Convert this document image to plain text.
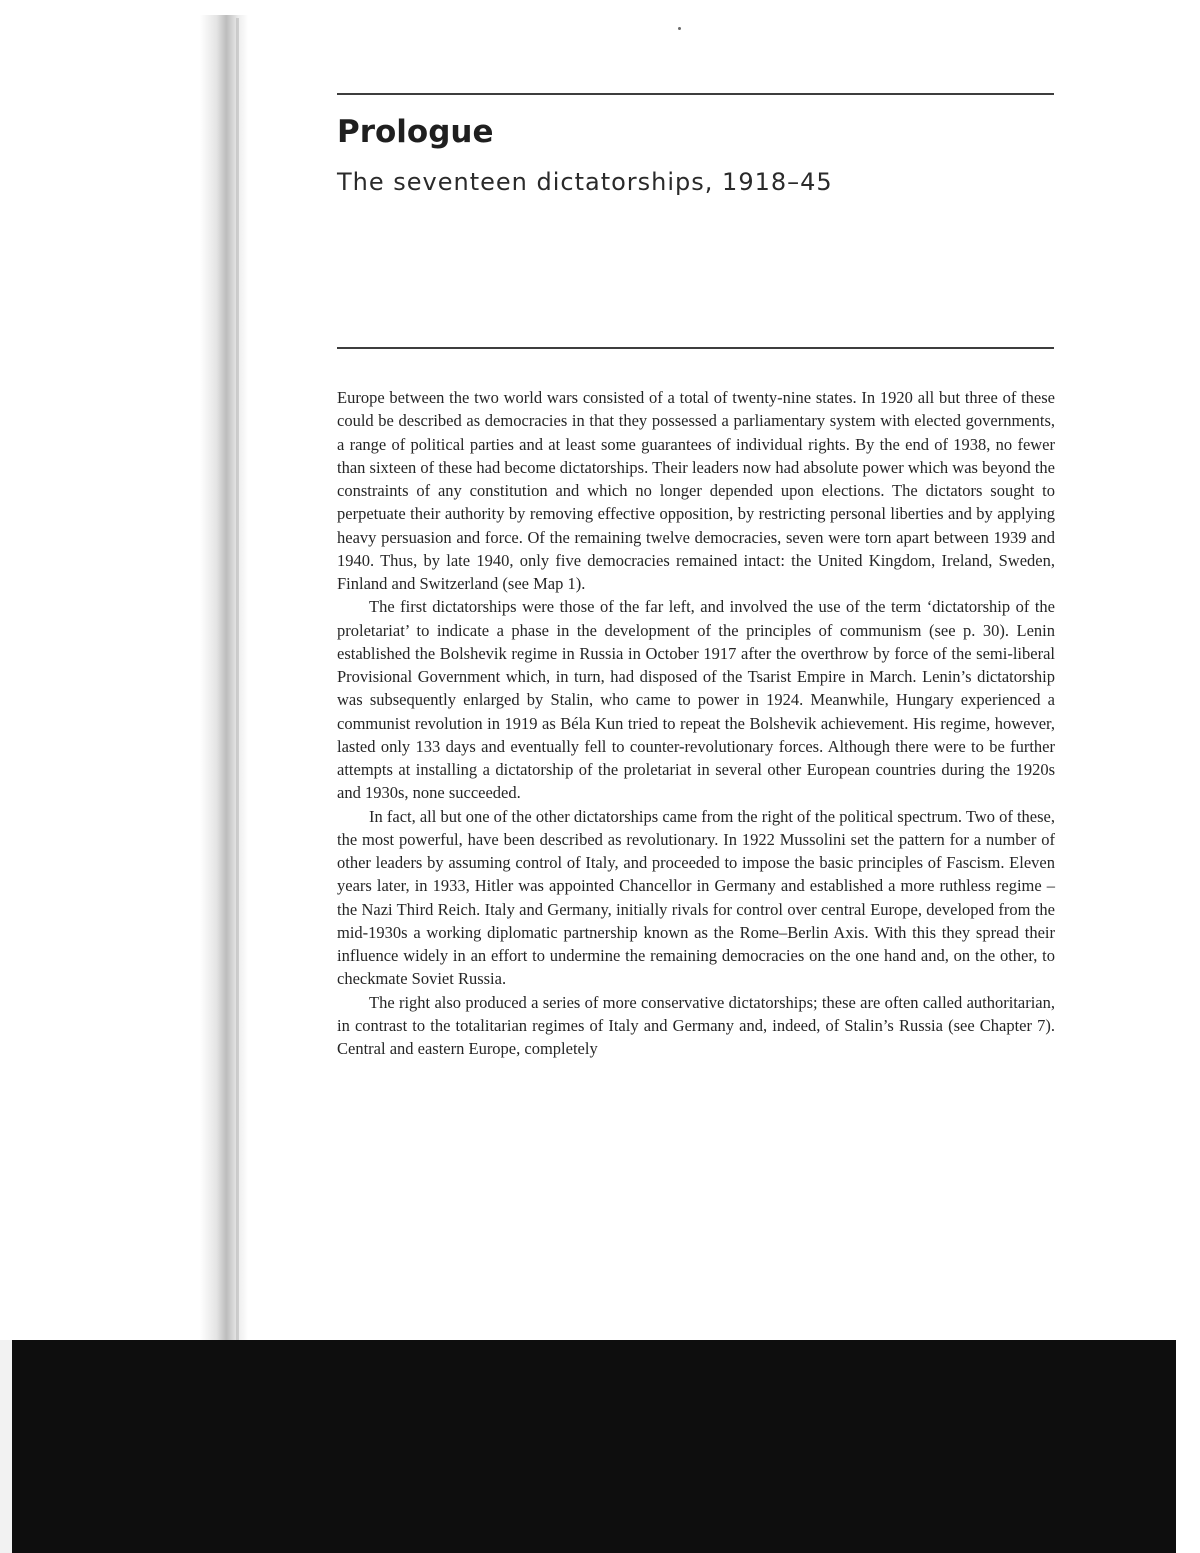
Prologue
The seventeen dictatorships, 1918–45

Europe between the two world wars consisted of a total of twenty-nine states. In 1920 all but three of these could be described as democracies in that they possessed a parliamentary system with elected governments, a range of political parties and at least some guarantees of individual rights. By the end of 1938, no fewer than sixteen of these had become dictatorships. Their leaders now had absolute power which was beyond the constraints of any constitution and which no longer depended upon elections. The dictators sought to perpetuate their authority by removing effective opposition, by restricting personal liberties and by applying heavy persuasion and force. Of the remaining twelve democracies, seven were torn apart between 1939 and 1940. Thus, by late 1940, only five democracies remained intact: the United Kingdom, Ireland, Sweden, Finland and Switzerland (see Map 1).

The first dictatorships were those of the far left, and involved the use of the term ‘dictatorship of the proletariat’ to indicate a phase in the development of the principles of communism (see p. 30). Lenin established the Bolshevik regime in Russia in October 1917 after the overthrow by force of the semi-liberal Provisional Government which, in turn, had disposed of the Tsarist Empire in March. Lenin’s dictatorship was subsequently enlarged by Stalin, who came to power in 1924. Meanwhile, Hungary experienced a communist revolution in 1919 as Béla Kun tried to repeat the Bolshevik achievement. His regime, however, lasted only 133 days and eventually fell to counter-revolutionary forces. Although there were to be further attempts at installing a dictatorship of the proletariat in several other European countries during the 1920s and 1930s, none succeeded.

In fact, all but one of the other dictatorships came from the right of the political spectrum. Two of these, the most powerful, have been described as revolutionary. In 1922 Mussolini set the pattern for a number of other leaders by assuming control of Italy, and proceeded to impose the basic principles of Fascism. Eleven years later, in 1933, Hitler was appointed Chancellor in Germany and established a more ruthless regime – the Nazi Third Reich. Italy and Germany, initially rivals for control over central Europe, developed from the mid-1930s a working diplomatic partnership known as the Rome–Berlin Axis. With this they spread their influence widely in an effort to undermine the remaining democracies on the one hand and, on the other, to checkmate Soviet Russia.

The right also produced a series of more conservative dictatorships; these are often called authoritarian, in contrast to the totalitarian regimes of Italy and Germany and, indeed, of Stalin’s Russia (see Chapter 7). Central and eastern Europe, completely
